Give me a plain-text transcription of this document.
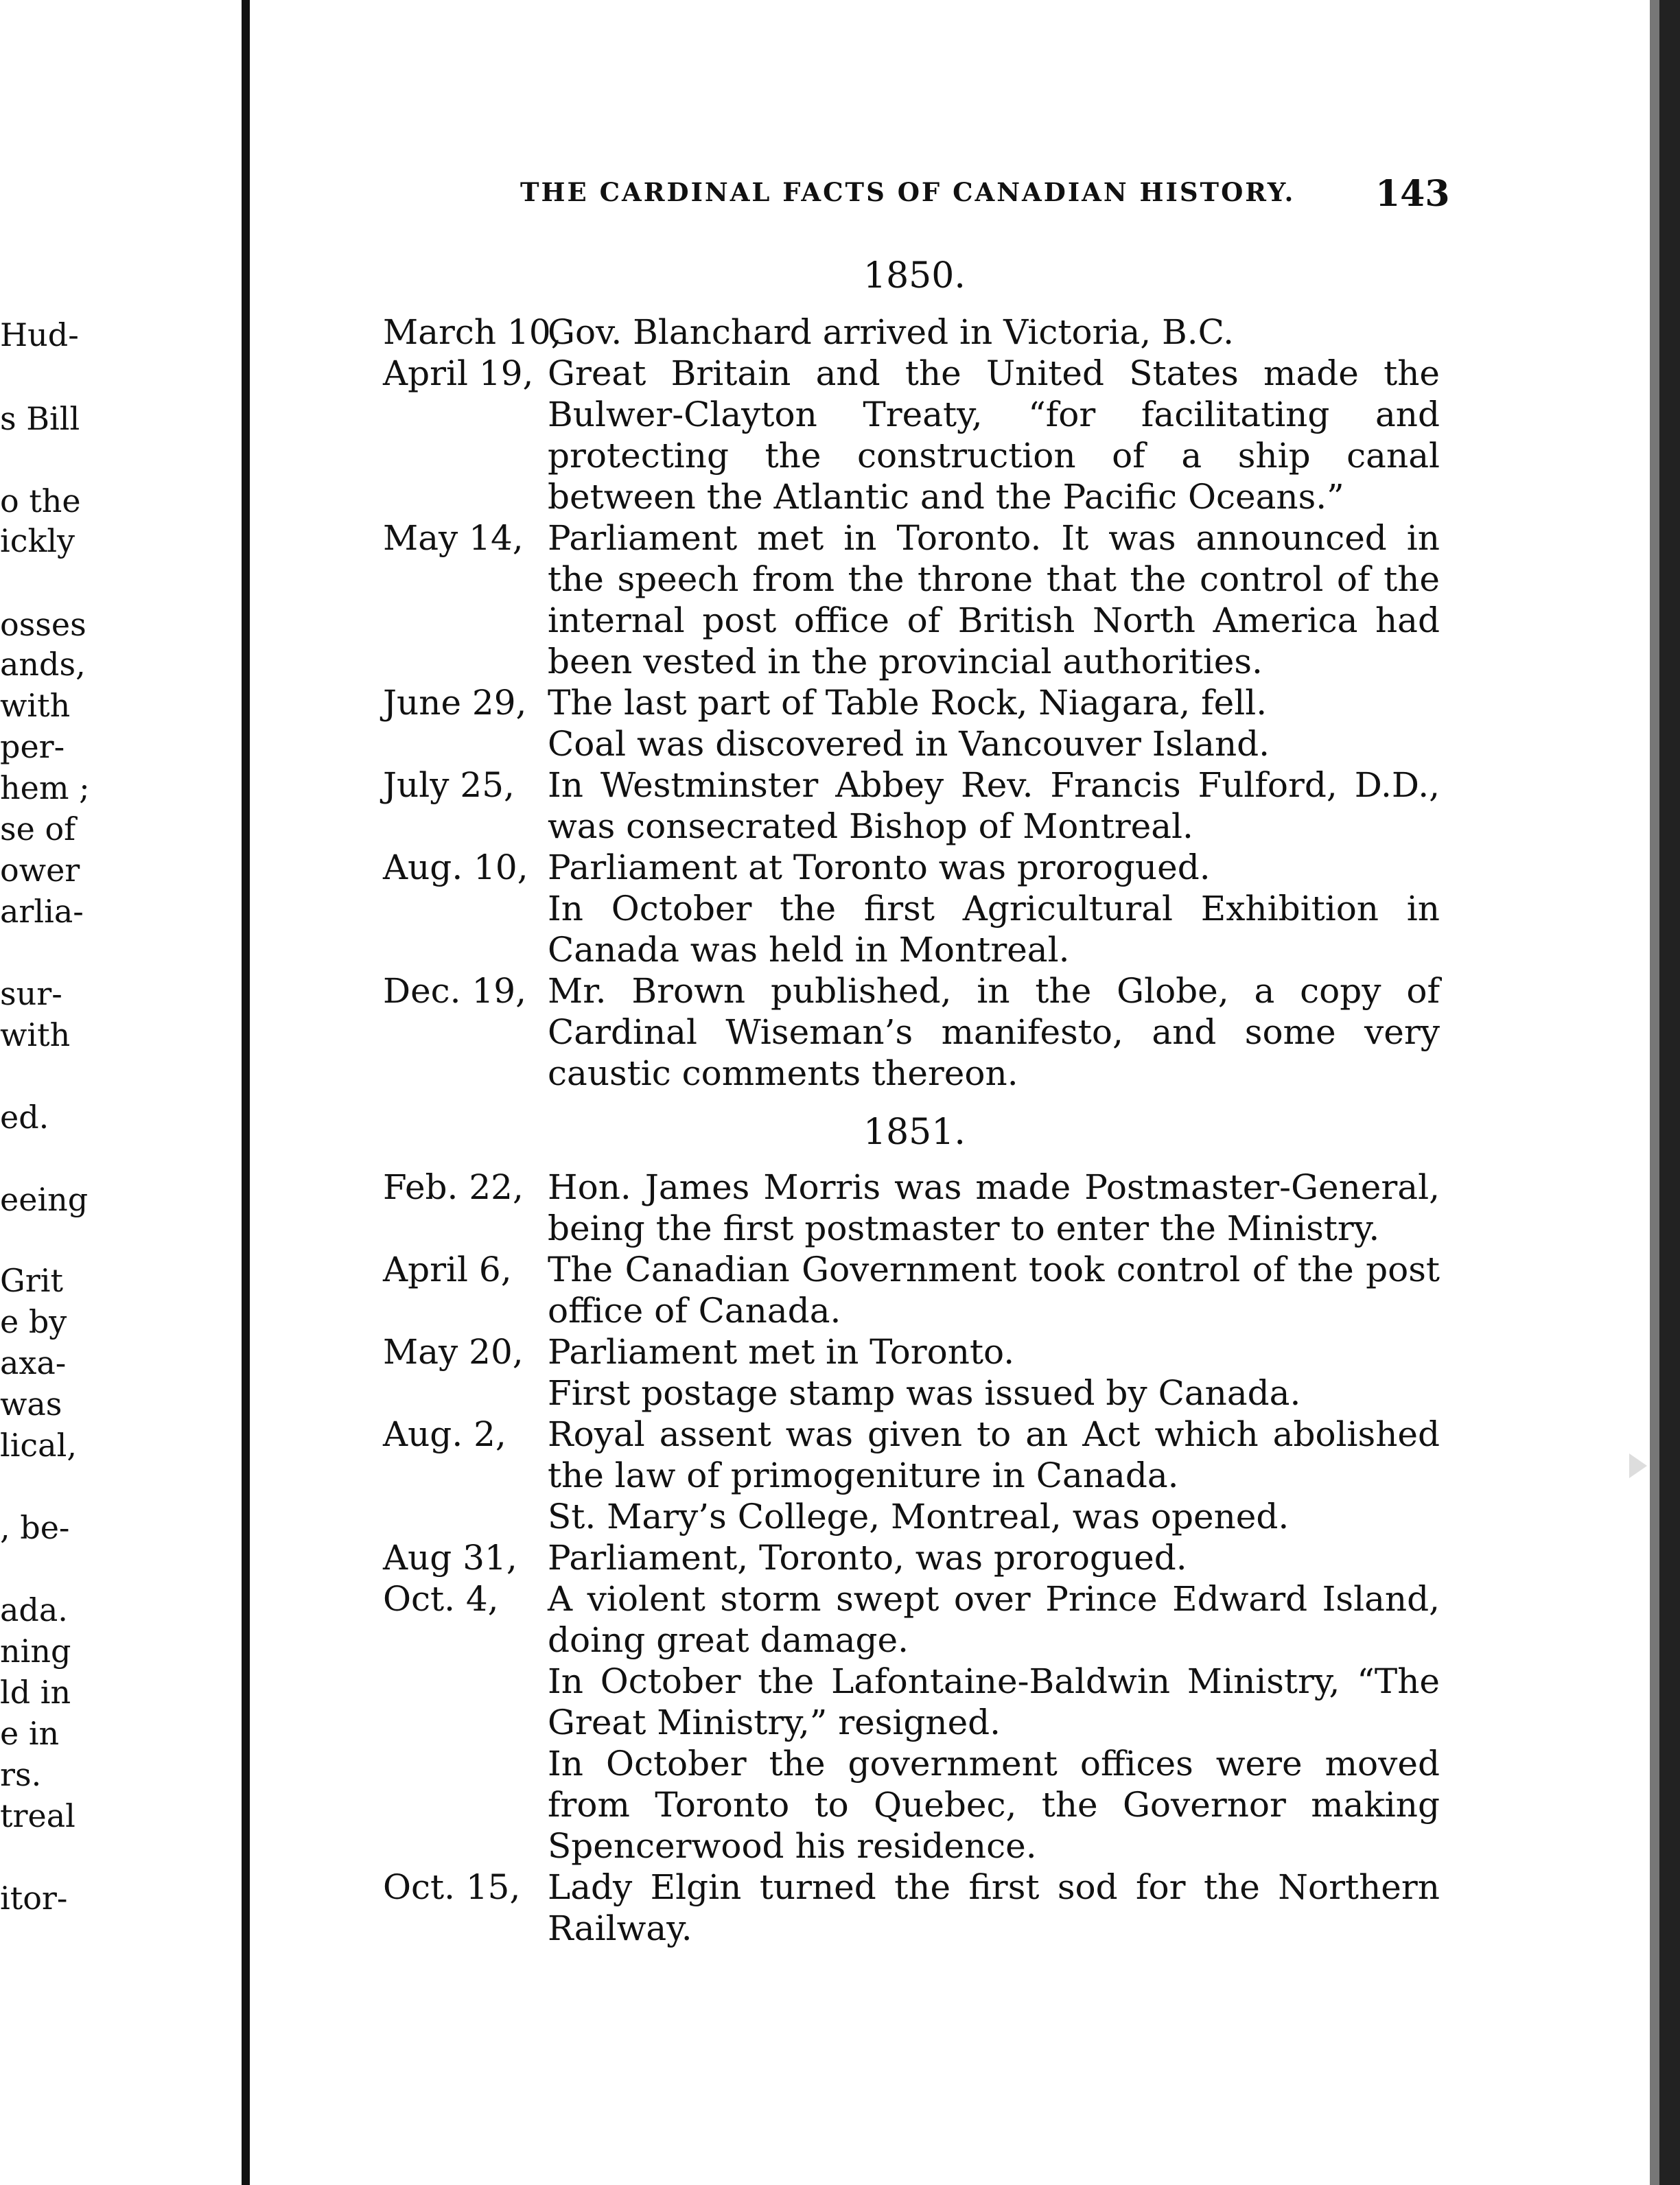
Hud-
s Bill
o the
ickly
osses
ands,
with
per-
hem ;
se of
ower
arlia-
sur-
with
ed.
eeing
Grit
e by
axa-
was
lical,
, be-
ada.
ning
ld in
e in
rs.
treal
itor-
THE CARDINAL FACTS OF CANADIAN HISTORY. 143
1850.
March 10,
Gov. Blanchard arrived in Victoria, B.C.
April 19, Great Britain and the United States made the Bulwer-Clayton Treaty, “for facilitating and protecting the construction of a ship canal between the Atlantic and the Pacific Oceans.”
May 14, Parliament met in Toronto. It was announced in the speech from the throne that the control of the internal post office of British North America had been vested in the provincial authorities.
June 29, The last part of Table Rock, Niagara, fell.
Coal was discovered in Vancouver Island.
July 25, In Westminster Abbey Rev. Francis Fulford, D.D., was consecrated Bishop of Montreal.
Aug. 10, Parliament at Toronto was prorogued.
In October the first Agricultural Exhibition in Canada was held in Montreal.
Dec. 19, Mr. Brown published, in the Globe, a copy of Cardinal Wiseman’s manifesto, and some very caustic comments thereon.
1851.
Feb. 22, Hon. James Morris was made Postmaster-General, being the first postmaster to enter the Ministry.
April 6, The Canadian Government took control of the post office of Canada.
May 20, Parliament met in Toronto.
First postage stamp was issued by Canada.
Aug. 2, Royal assent was given to an Act which abolished the law of primogeniture in Canada.
St. Mary’s College, Montreal, was opened.
Aug 31, Parliament, Toronto, was prorogued.
Oct. 4, A violent storm swept over Prince Edward Island, doing great damage.
In October the Lafontaine-Baldwin Ministry, “The Great Ministry,” resigned.
In October the government offices were moved from Toronto to Quebec, the Governor making Spencerwood his residence.
Oct. 15, Lady Elgin turned the first sod for the Northern Railway.
